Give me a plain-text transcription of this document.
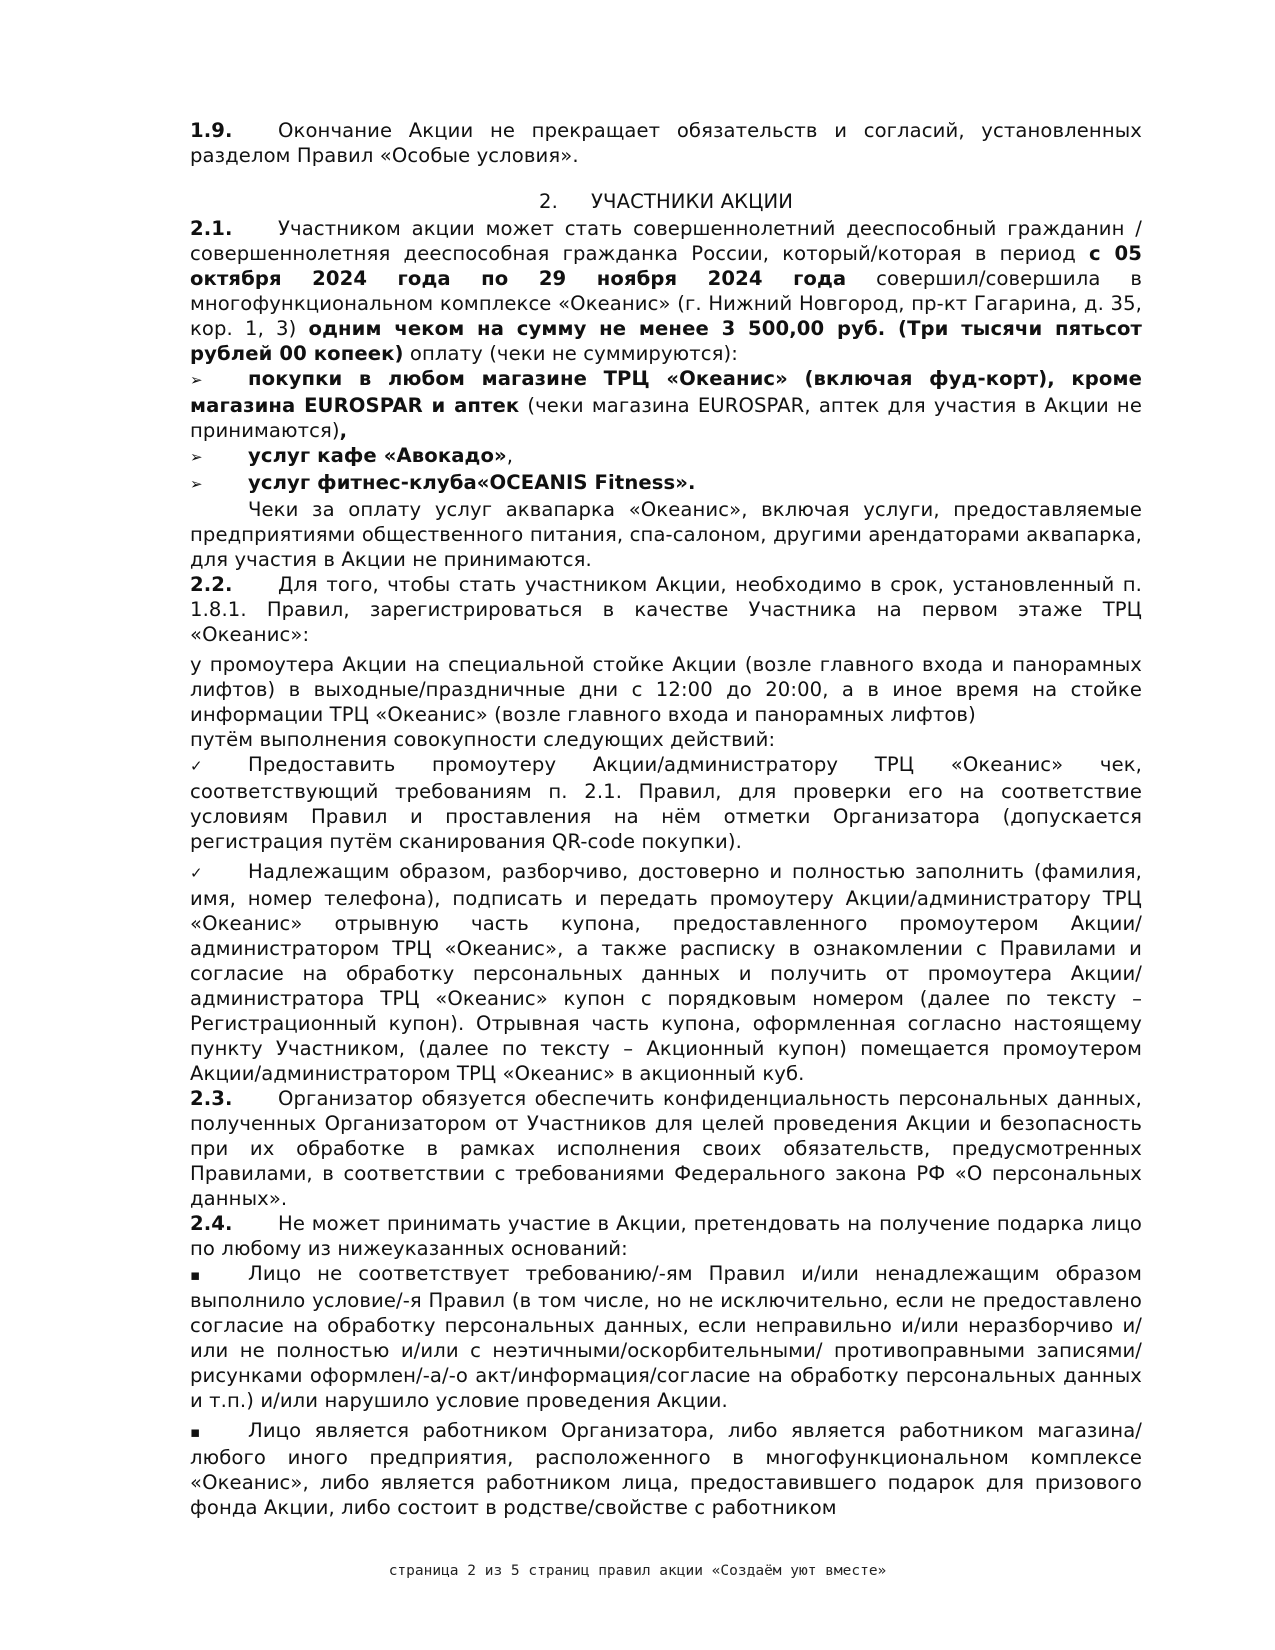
1.9. Окончание Акции не прекращает обязательств и согласий, установленных разделом Правил «Особые условия».

2. УЧАСТНИКИ АКЦИИ

2.1. Участником акции может стать совершеннолетний дееспособный гражданин / совершеннолетняя дееспособная гражданка России, который/которая в период с 05 октября 2024 года по 29 ноября 2024 года совершил/совершила в многофункциональном комплексе «Океанис» (г. Нижний Новгород, пр-кт Гагарина, д. 35, кор. 1, 3) одним чеком на сумму не менее 3 500,00 руб. (Три тысячи пятьсот рублей 00 копеек) оплату (чеки не суммируются):

➢ покупки в любом магазине ТРЦ «Океанис» (включая фуд-корт), кроме магазина EUROSPAR и аптек (чеки магазина EUROSPAR, аптек для участия в Акции не принимаются),

➢ услуг кафе «Авокадо»,

➢ услуг фитнес-клуба«OCEANIS Fitness».

Чеки за оплату услуг аквапарка «Океанис», включая услуги, предоставляемые предприятиями общественного питания, спа-салоном, другими арендаторами аквапарка, для участия в Акции не принимаются.

2.2. Для того, чтобы стать участником Акции, необходимо в срок, установленный п. 1.8.1. Правил, зарегистрироваться в качестве Участника на первом этаже ТРЦ «Океанис»:

у промоутера Акции на специальной стойке Акции (возле главного входа и панорамных лифтов) в выходные/праздничные дни с 12:00 до 20:00, а в иное время на стойке информации ТРЦ «Океанис» (возле главного входа и панорамных лифтов)

путём выполнения совокупности следующих действий:

✓ Предоставить промоутеру Акции/администратору ТРЦ «Океанис» чек, соответствующий требованиям п. 2.1. Правил, для проверки его на соответствие условиям Правил и проставления на нём отметки Организатора (допускается регистрация путём сканирования QR-code покупки).

✓ Надлежащим образом, разборчиво, достоверно и полностью заполнить (фамилия, имя, номер телефона), подписать и передать промоутеру Акции/администратору ТРЦ «Океанис» отрывную часть купона, предоставленного промоутером Акции/администратором ТРЦ «Океанис», а также расписку в ознакомлении с Правилами и согласие на обработку персональных данных и получить от промоутера Акции/администратора ТРЦ «Океанис» купон с порядковым номером (далее по тексту – Регистрационный купон). Отрывная часть купона, оформленная согласно настоящему пункту Участником, (далее по тексту – Акционный купон) помещается промоутером Акции/администратором ТРЦ «Океанис» в акционный куб.

2.3. Организатор обязуется обеспечить конфиденциальность персональных данных, полученных Организатором от Участников для целей проведения Акции и безопасность при их обработке в рамках исполнения своих обязательств, предусмотренных Правилами, в соответствии с требованиями Федерального закона РФ «О персональных данных».

2.4. Не может принимать участие в Акции, претендовать на получение подарка лицо по любому из нижеуказанных оснований:

▪ Лицо не соответствует требованию/-ям Правил и/или ненадлежащим образом выполнило условие/-я Правил (в том числе, но не исключительно, если не предоставлено согласие на обработку персональных данных, если неправильно и/или неразборчиво и/или не полностью и/или с неэтичными/оскорбительными/ противоправными записями/рисунками оформлен/-а/-о акт/информация/согласие на обработку персональных данных и т.п.) и/или нарушило условие проведения Акции.

▪ Лицо является работником Организатора, либо является работником магазина/любого иного предприятия, расположенного в многофункциональном комплексе «Океанис», либо является работником лица, предоставившего подарок для призового фонда Акции, либо состоит в родстве/свойстве с работником

страница 2 из 5 страниц правил акции «Создаём уют вместе»
